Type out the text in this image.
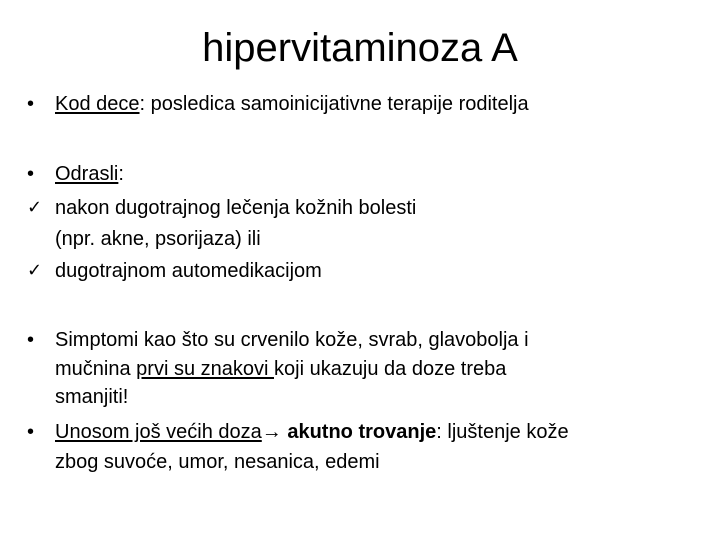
hipervitaminoza A
• Kod dece: posledica samoinicijativne terapije roditelja
• Odrasli:
✓ nakon dugotrajnog lečenja kožnih bolesti
(npr. akne, psorijaza) ili
✓ dugotrajnom automedikacijom
• Simptomi kao što su crvenilo kože, svrab, glavobolja i
mučnina prvi su znakovi koji ukazuju da doze treba
smanjiti!
• Unosom još većih doza→ akutno trovanje: ljuštenje kože
zbog suvoće, umor, nesanica, edemi
